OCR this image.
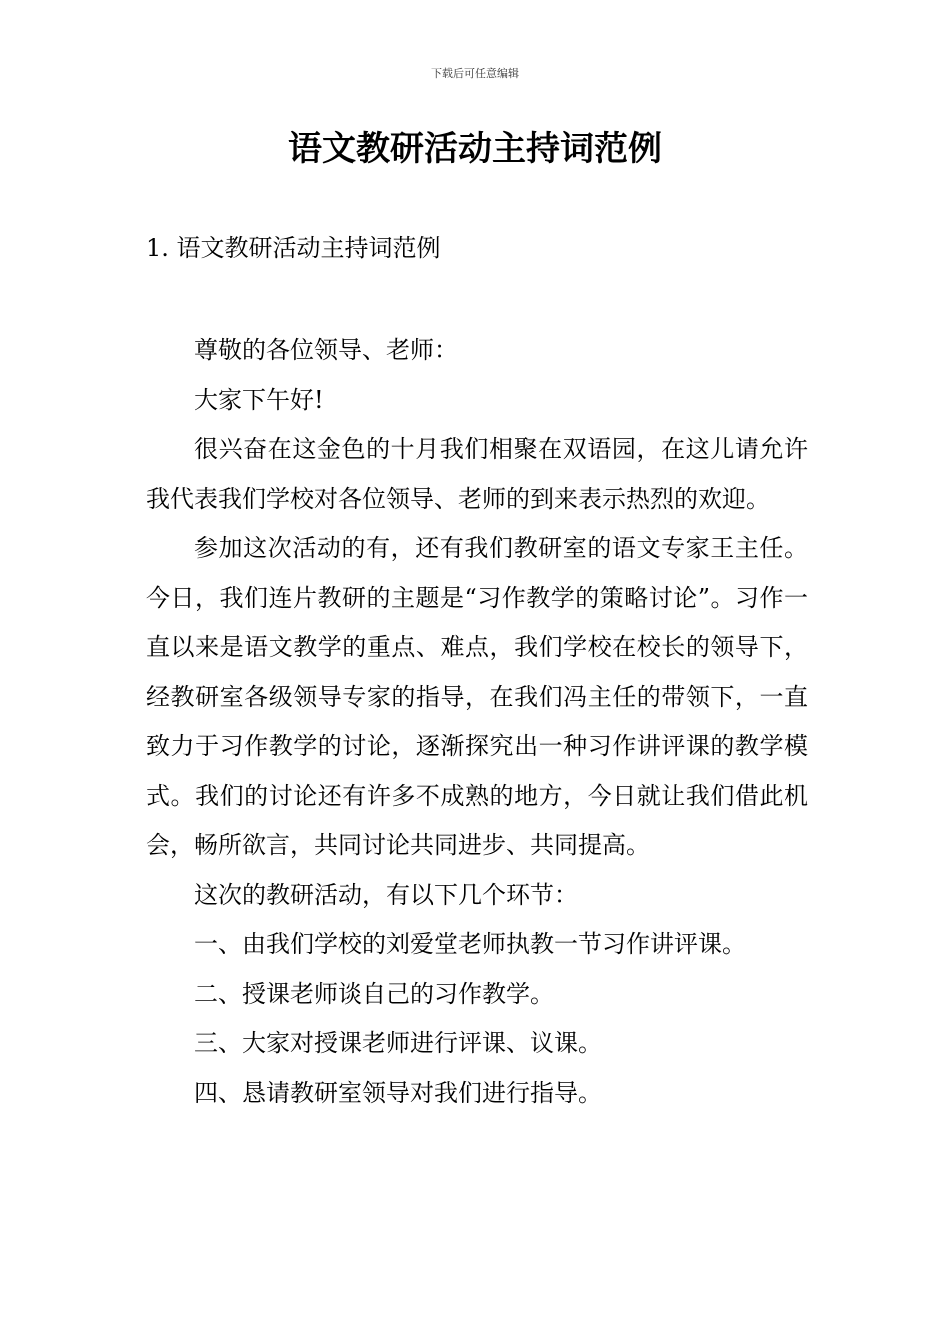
下载后可任意编辑
语文教研活动主持词范例
1. 语文教研活动主持词范例

尊敬的各位领导、老师：

大家下午好!

很兴奋在这金色的十月我们相聚在双语园，在这儿请允许我代表我们学校对各位领导、老师的到来表示热烈的欢迎。

参加这次活动的有，还有我们教研室的语文专家王主任。今日，我们连片教研的主题是“习作教学的策略讨论”。习作一直以来是语文教学的重点、难点，我们学校在校长的领导下，经教研室各级领导专家的指导，在我们冯主任的带领下，一直致力于习作教学的讨论，逐渐探究出一种习作讲评课的教学模式。我们的讨论还有许多不成熟的地方，今日就让我们借此机会，畅所欲言，共同讨论共同进步、共同提高。

这次的教研活动，有以下几个环节：

一、由我们学校的刘爱堂老师执教一节习作讲评课。

二、授课老师谈自己的习作教学。

三、大家对授课老师进行评课、议课。

四、恳请教研室领导对我们进行指导。
